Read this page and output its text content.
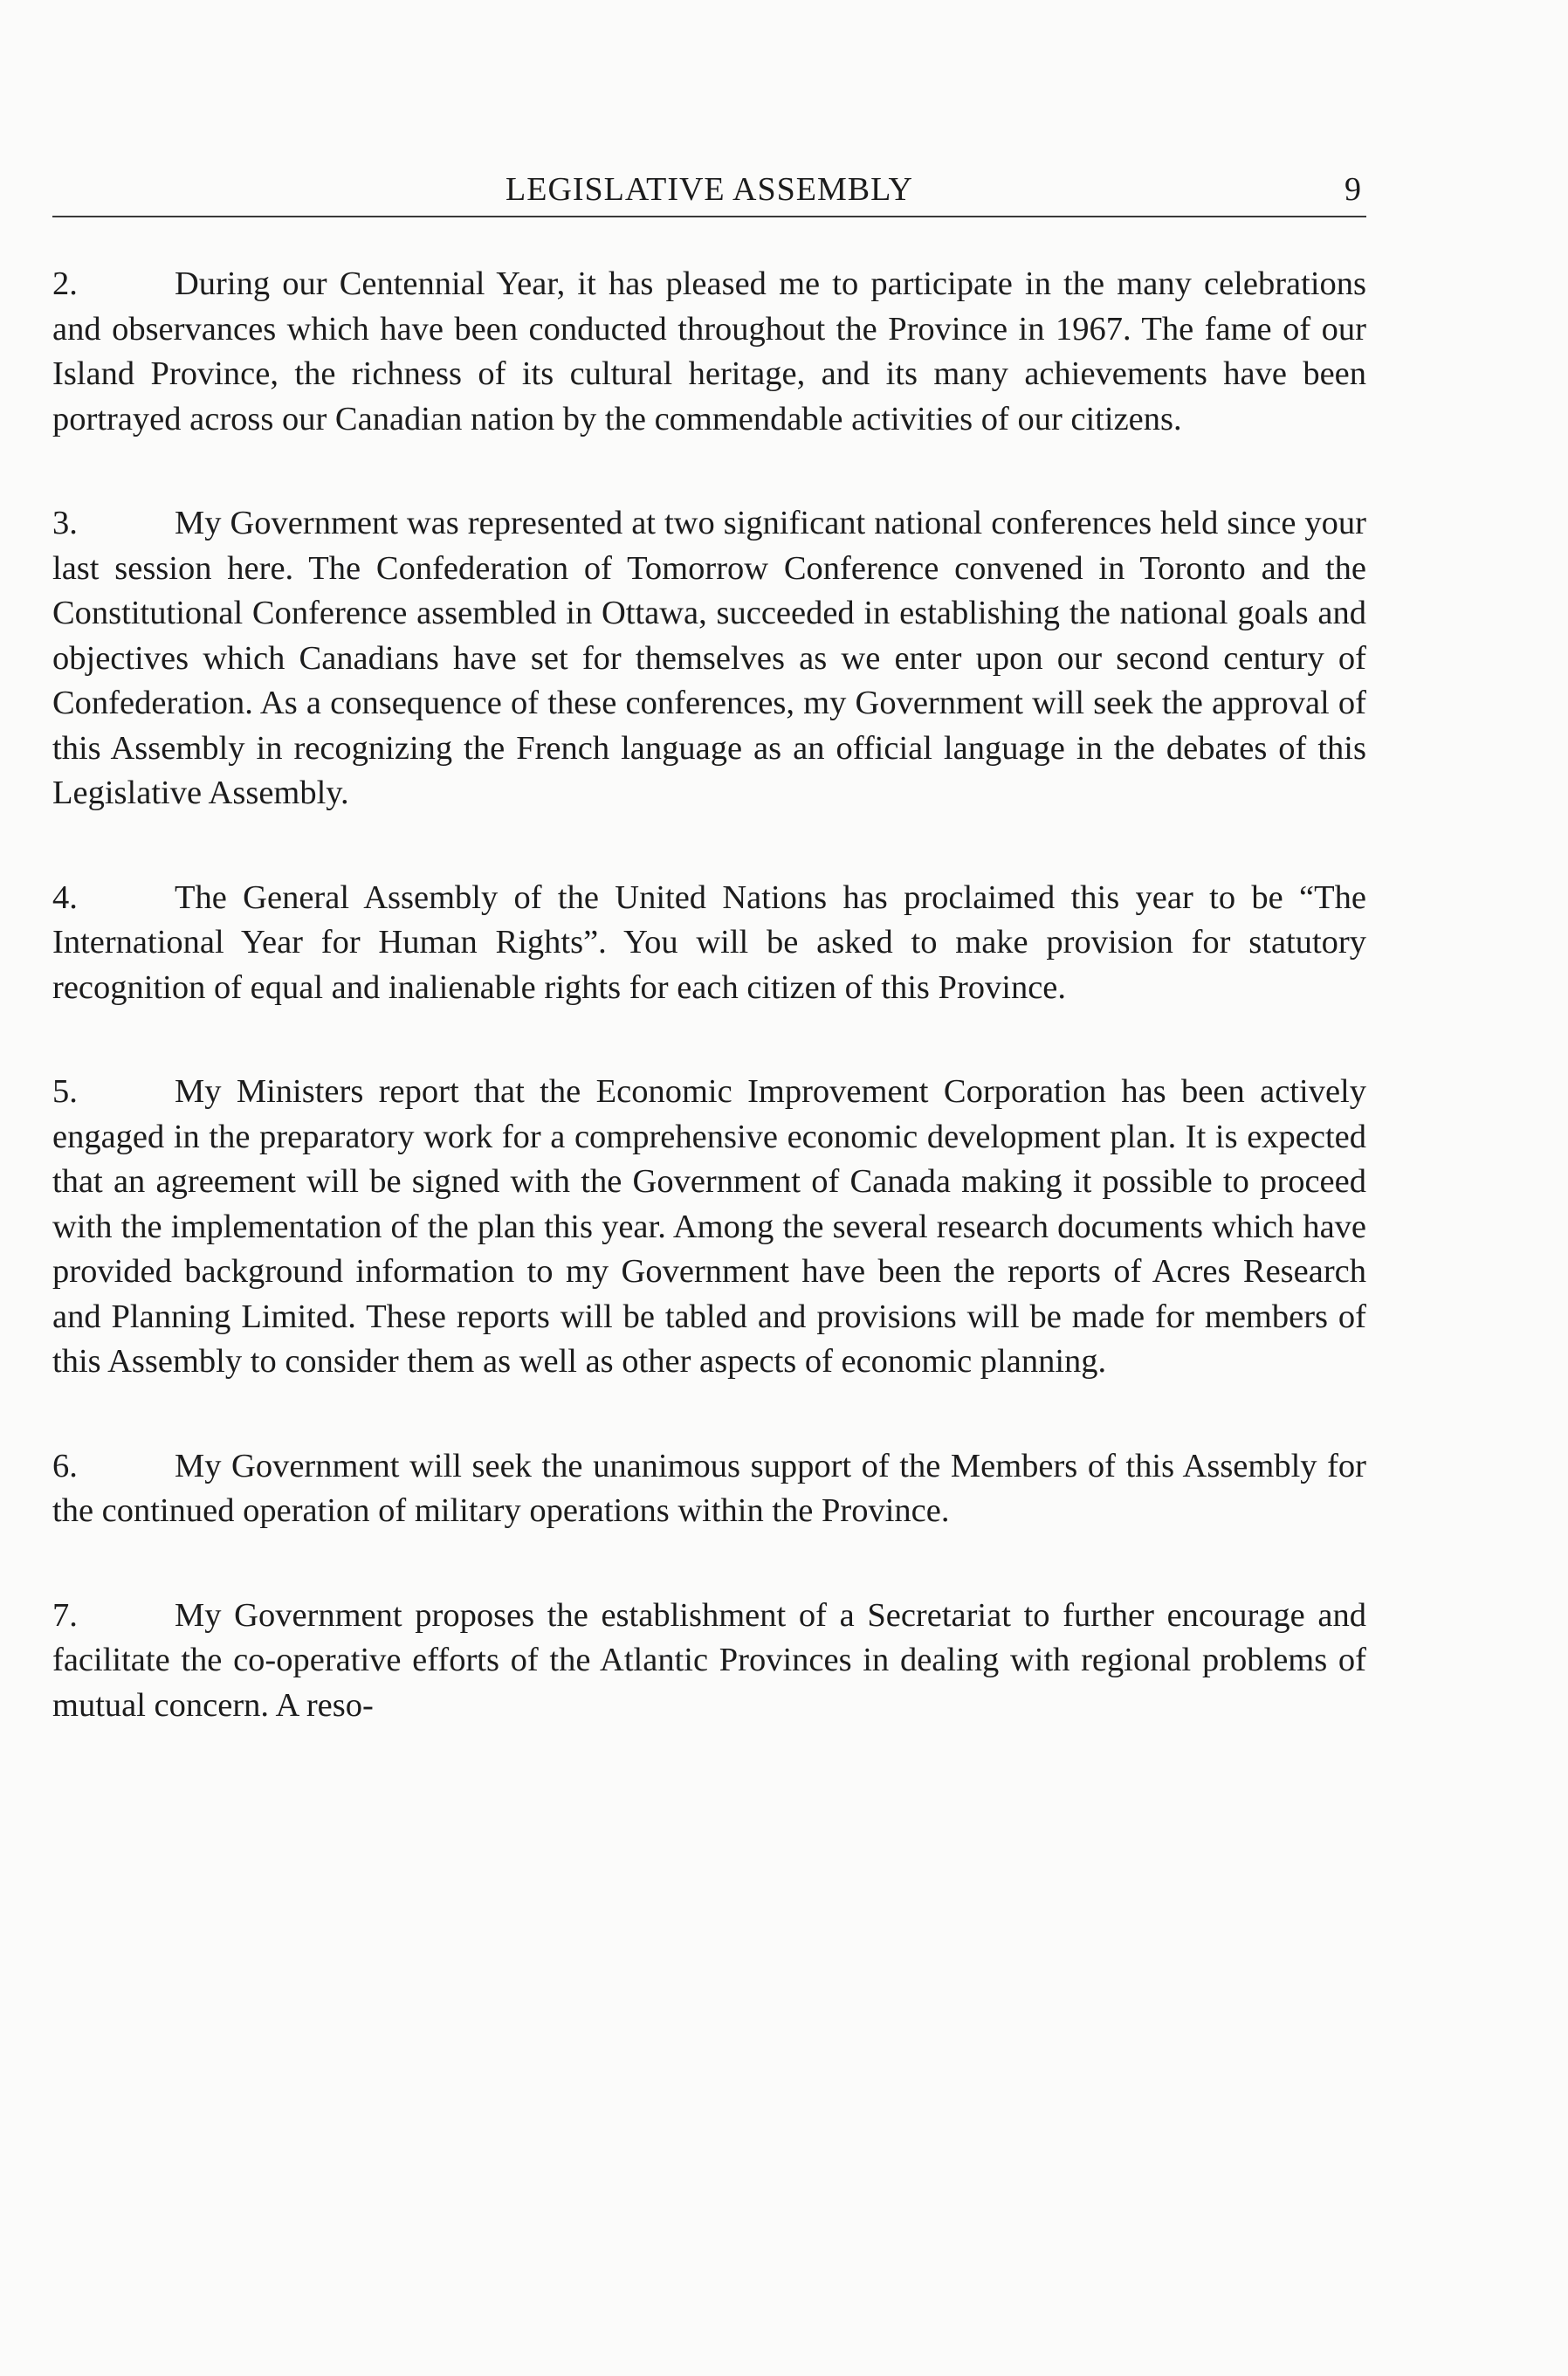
LEGISLATIVE ASSEMBLY	9

2.	During our Centennial Year, it has pleased me to participate in the many celebrations and observances which have been conducted throughout the Province in 1967. The fame of our Island Province, the richness of its cultural heritage, and its many achievements have been portrayed across our Canadian nation by the commendable activities of our citizens.

3.	My Government was represented at two significant national conferences held since your last session here. The Confederation of Tomorrow Conference convened in Toronto and the Constitutional Conference assembled in Ottawa, succeeded in establishing the national goals and objectives which Canadians have set for themselves as we enter upon our second century of Confederation. As a consequence of these conferences, my Government will seek the approval of this Assembly in recognizing the French language as an official language in the debates of this Legislative Assembly.

4.	The General Assembly of the United Nations has proclaimed this year to be “The International Year for Human Rights”. You will be asked to make provision for statutory recognition of equal and inalienable rights for each citizen of this Province.

5.	My Ministers report that the Economic Improvement Corporation has been actively engaged in the preparatory work for a comprehensive economic development plan. It is expected that an agreement will be signed with the Government of Canada making it possible to proceed with the implementation of the plan this year. Among the several research documents which have provided background information to my Government have been the reports of Acres Research and Planning Limited. These reports will be tabled and provisions will be made for members of this Assembly to consider them as well as other aspects of economic planning.

6.	My Government will seek the unanimous support of the Members of this Assembly for the continued operation of military operations within the Province.

7.	My Government proposes the establishment of a Secretariat to further encourage and facilitate the co-operative efforts of the Atlantic Provinces in dealing with regional problems of mutual concern. A reso-
